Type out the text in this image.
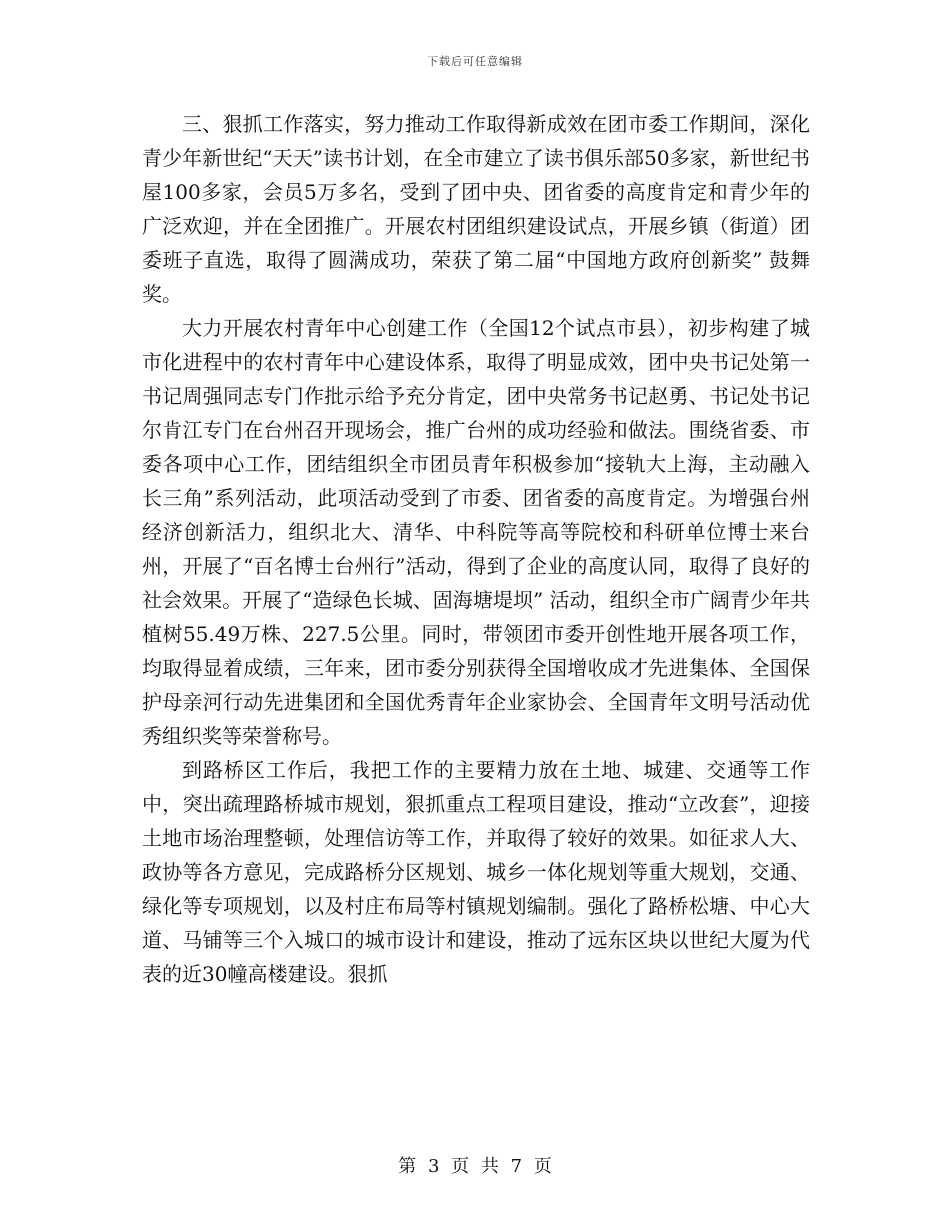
下载后可任意编辑

三、狠抓工作落实，努力推动工作取得新成效在团市委工作期间，深化青少年新世纪“天天”读书计划，在全市建立了读书俱乐部50多家，新世纪书屋100多家，会员5万多名，受到了团中央、团省委的高度肯定和青少年的广泛欢迎，并在全团推广。开展农村团组织建设试点，开展乡镇（街道）团委班子直选，取得了圆满成功，荣获了第二届“中国地方政府创新奖” 鼓舞奖。

大力开展农村青年中心创建工作（全国12个试点市县），初步构建了城市化进程中的农村青年中心建设体系，取得了明显成效，团中央书记处第一书记周强同志专门作批示给予充分肯定，团中央常务书记赵勇、书记处书记尔肯江专门在台州召开现场会，推广台州的成功经验和做法。围绕省委、市委各项中心工作，团结组织全市团员青年积极参加“接轨大上海，主动融入长三角”系列活动，此项活动受到了市委、团省委的高度肯定。为增强台州经济创新活力，组织北大、清华、中科院等高等院校和科研单位博士来台州，开展了“百名博士台州行”活动，得到了企业的高度认同，取得了良好的社会效果。开展了“造绿色长城、固海塘堤坝” 活动，组织全市广阔青少年共植树55.49万株、227.5公里。同时，带领团市委开创性地开展各项工作，均取得显着成绩，三年来，团市委分别获得全国增收成才先进集体、全国保护母亲河行动先进集团和全国优秀青年企业家协会、全国青年文明号活动优秀组织奖等荣誉称号。

到路桥区工作后，我把工作的主要精力放在土地、城建、交通等工作中，突出疏理路桥城市规划，狠抓重点工程项目建设，推动“立改套”，迎接土地市场治理整顿，处理信访等工作，并取得了较好的效果。如征求人大、政协等各方意见，完成路桥分区规划、城乡一体化规划等重大规划，交通、绿化等专项规划，以及村庄布局等村镇规划编制。强化了路桥松塘、中心大道、马铺等三个入城口的城市设计和建设，推动了远东区块以世纪大厦为代表的近30幢高楼建设。狠抓

第 3 页 共 7 页
